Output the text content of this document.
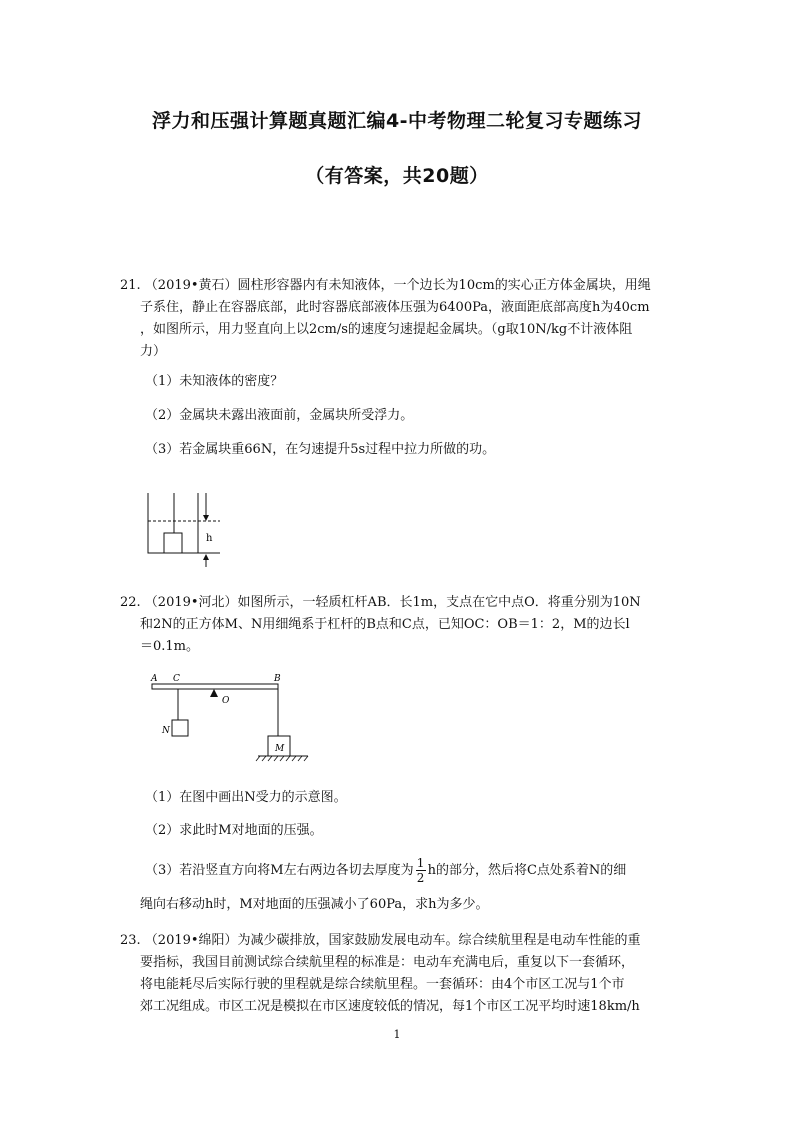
浮力和压强计算题真题汇编4-中考物理二轮复习专题练习
（有答案，共20题）
21. （2019•黄石）圆柱形容器内有未知液体，一个边长为10cm的实心正方体金属块，用绳
子系住，静止在容器底部，此时容器底部液体压强为6400Pa，液面距底部高度h为40cm
，如图所示，用力竖直向上以2cm/s的速度匀速提起金属块。（g取10N/kg不计液体阻
力）
（1）未知液体的密度？
（2）金属块未露出液面前，金属块所受浮力。
（3）若金属块重66N，在匀速提升5s过程中拉力所做的功。
h
22. （2019•河北）如图所示，一轻质杠杆AB．长1m，支点在它中点O．将重分别为10N
和2N的正方体M、N用细绳系于杠杆的B点和C点，已知OC：OB＝1：2，M的边长l
＝0.1m。
A C	B
O
N
M
（1）在图中画出N受力的示意图。
（2）求此时M对地面的压强。
（3）若沿竖直方向将M左右两边各切去厚度为 $\frac{1}{2}$ h的部分，然后将C点处系着N的细
绳向右移动h时，M对地面的压强减小了60Pa，求h为多少。
23. （2019•绵阳）为减少碳排放，国家鼓励发展电动车。综合续航里程是电动车性能的重
要指标，我国目前测试综合续航里程的标准是：电动车充满电后，重复以下一套循环，
将电能耗尽后实际行驶的里程就是综合续航里程。一套循环：由4个市区工况与1个市
郊工况组成。市区工况是模拟在市区速度较低的情况，每1个市区工况平均时速18km/h
1
